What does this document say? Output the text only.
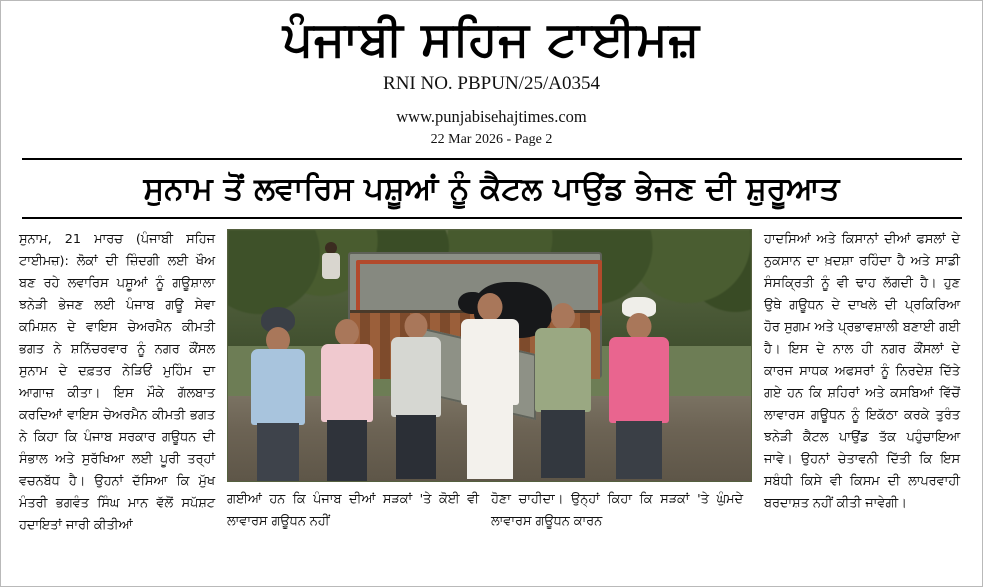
ਪੰਜਾਬੀ ਸਹਿਜ ਟਾਈਮਜ਼
RNI NO. PBPUN/25/A0354
www.punjabisehajtimes.com
22 Mar 2026 - Page 2
ਸੁਨਾਮ ਤੋਂ ਲਵਾਰਿਸ ਪਸ਼ੂਆਂ ਨੂੰ ਕੈਟਲ ਪਾਉਂਡ ਭੇਜਣ ਦੀ ਸ਼ੁਰੂਆਤ
ਸੁਨਾਮ, 21 ਮਾਰਚ (ਪੰਜਾਬੀ ਸਹਿਜ ਟਾਈਮਜ਼): ਲੋਕਾਂ ਦੀ ਜ਼ਿੰਦਗੀ ਲਈ ਖੌਅ ਬਣ ਰਹੇ ਲਵਾਰਿਸ ਪਸ਼ੂਆਂ ਨੂੰ ਗਊਸ਼ਾਲਾ ਝਨੇੜੀ ਭੇਜਣ ਲਈ ਪੰਜਾਬ ਗਊ ਸੇਵਾ ਕਮਿਸ਼ਨ ਦੇ ਵਾਇਸ ਚੇਅਰਮੈਨ ਕੀਮਤੀ ਭਗਤ ਨੇ ਸ਼ਨਿੱਚਰਵਾਰ ਨੂੰ ਨਗਰ ਕੌਂਸਲ ਸੁਨਾਮ ਦੇ ਦਫ਼ਤਰ ਨੇੜਿਓਂ ਮੁਹਿੰਮ ਦਾ ਆਗਾਜ਼ ਕੀਤਾ। ਇਸ ਮੌਕੇ ਗੱਲਬਾਤ ਕਰਦਿਆਂ ਵਾਇਸ ਚੇਅਰਮੈਨ ਕੀਮਤੀ ਭਗਤ ਨੇ ਕਿਹਾ ਕਿ ਪੰਜਾਬ ਸਰਕਾਰ ਗਊਧਨ ਦੀ ਸੰਭਾਲ ਅਤੇ ਸੁਰੱਖਿਆ ਲਈ ਪੂਰੀ ਤਰ੍ਹਾਂ ਵਚਨਬੱਧ ਹੈ। ਉਹਨਾਂ ਦੱਸਿਆ ਕਿ ਮੁੱਖ ਮੰਤਰੀ ਭਗਵੰਤ ਸਿੰਘ ਮਾਨ ਵੱਲੋਂ ਸਪੱਸ਼ਟ ਹਦਾਇਤਾਂ ਜਾਰੀ ਕੀਤੀਆਂ
ਗਈਆਂ ਹਨ ਕਿ ਪੰਜਾਬ ਦੀਆਂ ਸੜਕਾਂ 'ਤੇ ਕੋਈ ਵੀ ਲਾਵਾਰਸ ਗਊਧਨ ਨਹੀਂ
ਹੋਣਾ ਚਾਹੀਦਾ। ਉਨ੍ਹਾਂ ਕਿਹਾ ਕਿ ਸੜਕਾਂ 'ਤੇ ਘੁੰਮਦੇ ਲਾਵਾਰਸ ਗਊਧਨ ਕਾਰਨ
ਹਾਦਸਿਆਂ ਅਤੇ ਕਿਸਾਨਾਂ ਦੀਆਂ ਫਸਲਾਂ ਦੇ ਨੁਕਸਾਨ ਦਾ ਖ਼ਦਸ਼ਾ ਰਹਿੰਦਾ ਹੈ ਅਤੇ ਸਾਡੀ ਸੰਸਕ੍ਰਿਤੀ ਨੂੰ ਵੀ ਢਾਹ ਲੱਗਦੀ ਹੈ। ਹੁਣ ਉਥੇ ਗਊਧਨ ਦੇ ਦਾਖਲੇ ਦੀ ਪ੍ਰਕਿਰਿਆ ਹੋਰ ਸੁਗਮ ਅਤੇ ਪ੍ਰਭਾਵਸ਼ਾਲੀ ਬਣਾਈ ਗਈ ਹੈ। ਇਸ ਦੇ ਨਾਲ ਹੀ ਨਗਰ ਕੌਂਸਲਾਂ ਦੇ ਕਾਰਜ ਸਾਧਕ ਅਫਸਰਾਂ ਨੂੰ ਨਿਰਦੇਸ਼ ਦਿੱਤੇ ਗਏ ਹਨ ਕਿ ਸ਼ਹਿਰਾਂ ਅਤੇ ਕਸਬਿਆਂ ਵਿੱਚੋਂ ਲਾਵਾਰਸ ਗਊਧਨ ਨੂੰ ਇਕੱਠਾ ਕਰਕੇ ਤੁਰੰਤ ਝਨੇੜੀ ਕੈਟਲ ਪਾਉਂਡ ਤੱਕ ਪਹੁੰਚਾਇਆ ਜਾਵੇ। ਉਹਨਾਂ ਚੇਤਾਵਨੀ ਦਿੱਤੀ ਕਿ ਇਸ ਸਬੰਧੀ ਕਿਸੇ ਵੀ ਕਿਸਮ ਦੀ ਲਾਪਰਵਾਹੀ ਬਰਦਾਸ਼ਤ ਨਹੀਂ ਕੀਤੀ ਜਾਵੇਗੀ।
